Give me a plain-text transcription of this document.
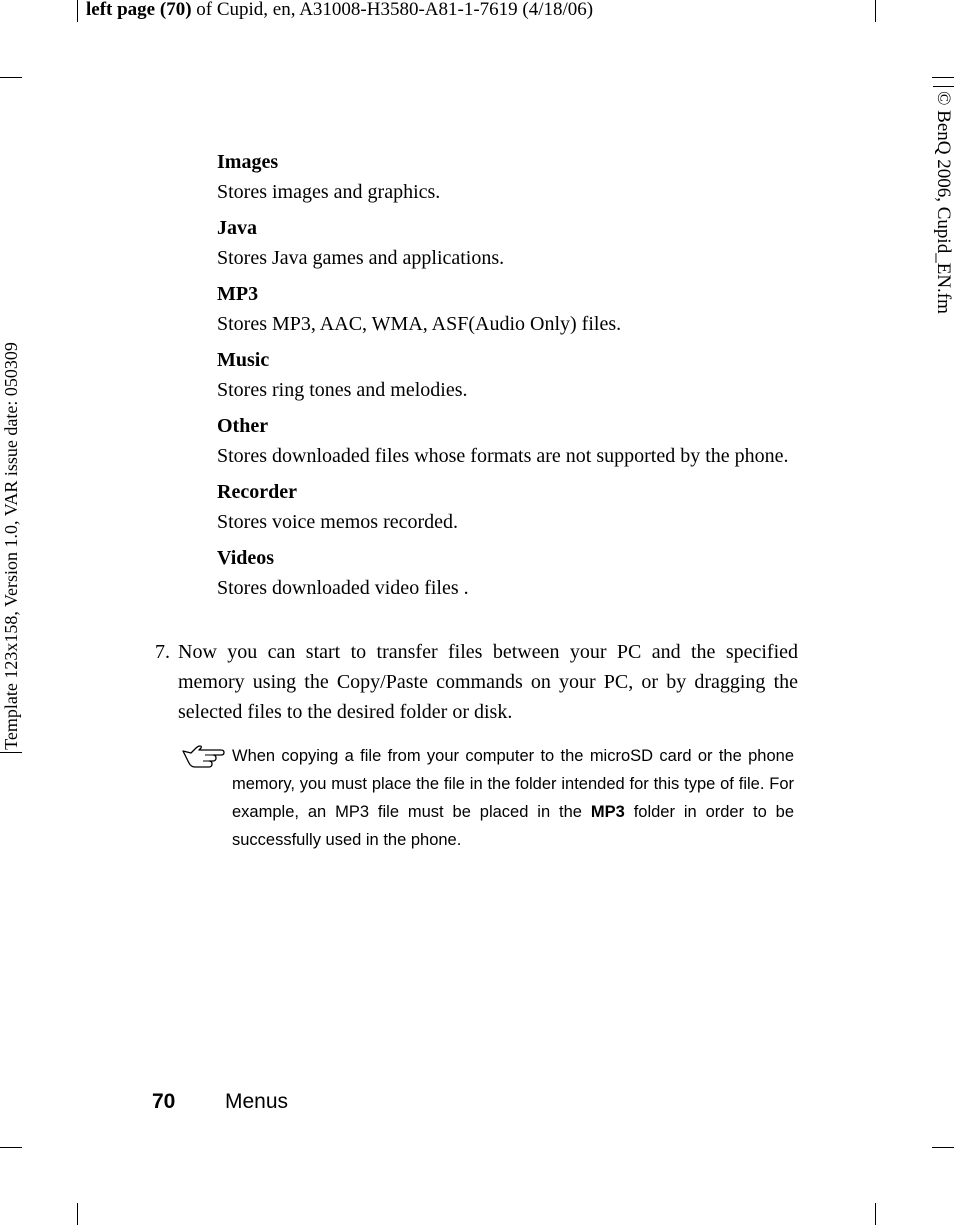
left page (70) of Cupid, en, A31008-H3580-A81-1-7619 (4/18/06)
Template 123x158, Version 1.0, VAR issue date: 050309
© BenQ 2006, Cupid_EN.fm
Images
Stores images and graphics.
Java
Stores Java games and applications.
MP3
Stores MP3, AAC, WMA, ASF(Audio Only) files.
Music
Stores ring tones and melodies.
Other
Stores downloaded files whose formats are not supported by the phone.
Recorder
Stores voice memos recorded.
Videos
Stores downloaded video files .
7. Now you can start to transfer files between your PC and the specified memory using the Copy/Paste commands on your PC, or by dragging the selected files to the desired folder or disk.
When copying a file from your computer to the microSD card or the phone memory, you must place the file in the folder intended for this type of file. For example, an MP3 file must be placed in the MP3 folder in order to be successfully used in the phone.
70 Menus
